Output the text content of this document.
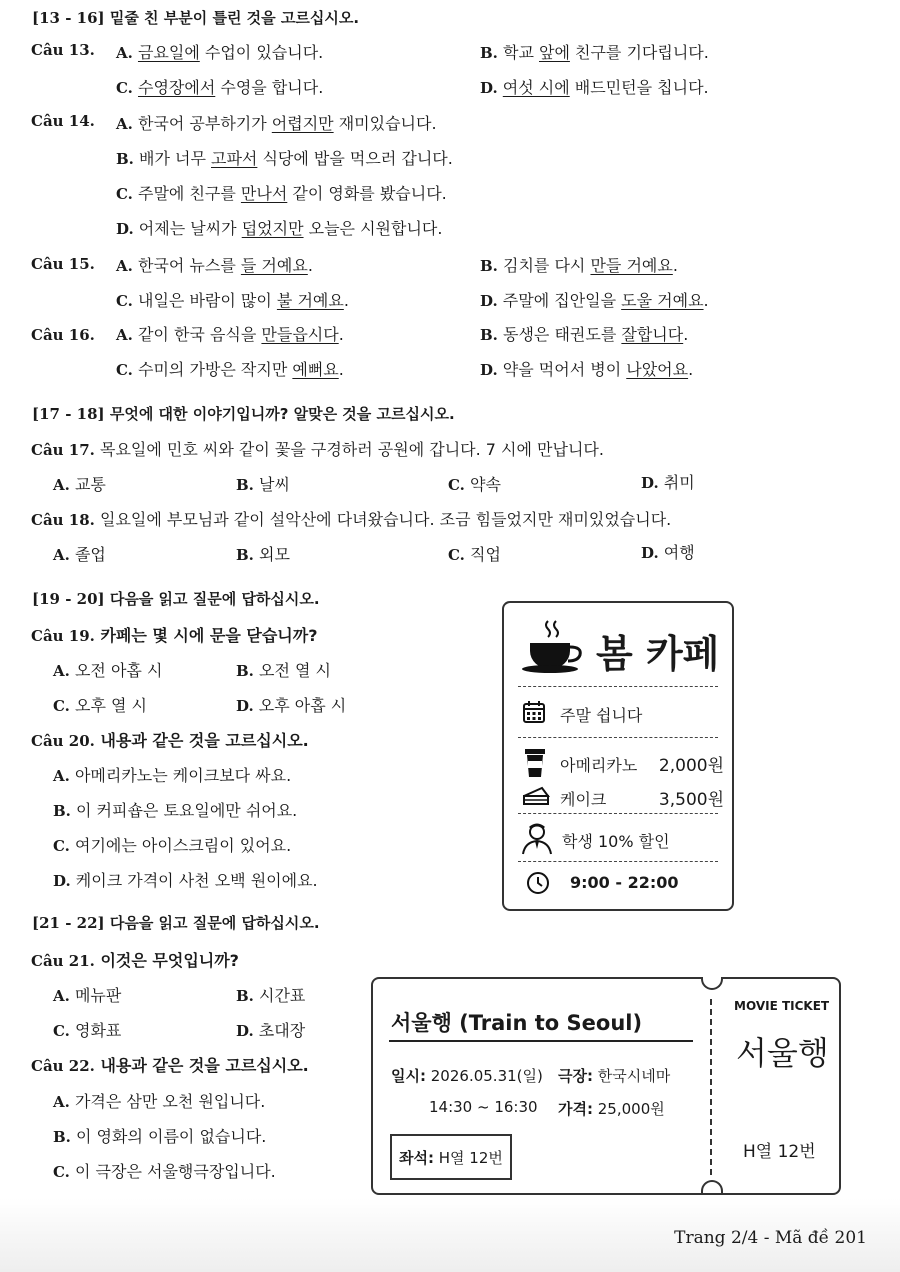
[13 - 16] 밑줄 친 부분이 틀린 것을 고르십시오.
Câu 13. A. 금요일에 수업이 있습니다.	B. 학교 앞에 친구를 기다립니다.
C. 수영장에서 수영을 합니다.	D. 여섯 시에 배드민턴을 칩니다.
Câu 14. A. 한국어 공부하기가 어렵지만 재미있습니다.
B. 배가 너무 고파서 식당에 밥을 먹으러 갑니다.
C. 주말에 친구를 만나서 같이 영화를 봤습니다.
D. 어제는 날씨가 덥었지만 오늘은 시원합니다.
Câu 15. A. 한국어 뉴스를 들 거예요.	B. 김치를 다시 만들 거예요.
C. 내일은 바람이 많이 불 거예요.	D. 주말에 집안일을 도울 거예요.
Câu 16. A. 같이 한국 음식을 만들읍시다.	B. 동생은 태권도를 잘합니다.
C. 수미의 가방은 작지만 예뻐요.	D. 약을 먹어서 병이 나았어요.
[17 - 18] 무엇에 대한 이야기입니까? 알맞은 것을 고르십시오.
Câu 17. 목요일에 민호 씨와 같이 꽃을 구경하러 공원에 갑니다. 7 시에 만납니다.
A. 교통	B. 날씨	C. 약속	D. 취미
Câu 18. 일요일에 부모님과 같이 설악산에 다녀왔습니다. 조금 힘들었지만 재미있었습니다.
A. 졸업	B. 외모	C. 직업	D. 여행
[19 - 20] 다음을 읽고 질문에 답하십시오.
Câu 19. 카페는 몇 시에 문을 닫습니까?
A. 오전 아홉 시	B. 오전 열 시
C. 오후 열 시	D. 오후 아홉 시
Câu 20. 내용과 같은 것을 고르십시오.
A. 아메리카노는 케이크보다 싸요.
B. 이 커피숍은 토요일에만 쉬어요.
C. 여기에는 아이스크림이 있어요.
D. 케이크 가격이 사천 오백 원이에요.
봄 카페
주말 쉽니다
아메리카노 2,000원
케이크	3,500원
학생 10% 할인
9:00 - 22:00
[21 - 22] 다음을 읽고 질문에 답하십시오.
Câu 21. 이것은 무엇입니까?
A. 메뉴판	B. 시간표
C. 영화표	D. 초대장
Câu 22. 내용과 같은 것을 고르십시오.
A. 가격은 삼만 오천 원입니다.
B. 이 영화의 이름이 없습니다.
C. 이 극장은 서울행극장입니다.
서울행 (Train to Seoul)
일시: 2026.05.31(일)
14:30 ~ 16:30
극장: 한국시네마
가격: 25,000원
좌석: H열 12번
MOVIE TICKET
서울행
H열 12번
Trang 2/4 - Mã đề 201
